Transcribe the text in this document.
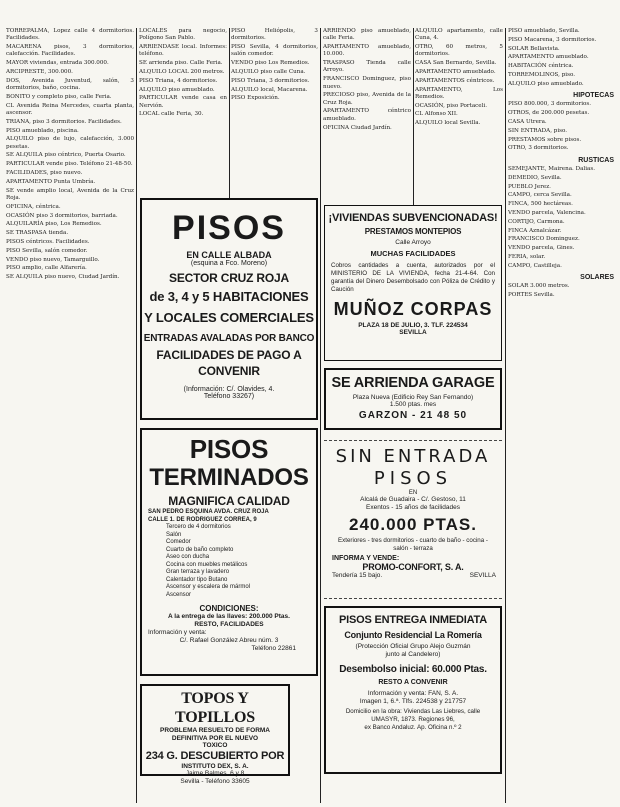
TORREPALMA, Lopez calle 4 dormitorios. Facilidades.

MACARENA pisos, 3 dormitorios, calefacción. Facilidades.

MAYOR viviendas, entrada 300.000.

ARCIPRESTE, 300.000.

DOS, Avenida Juventud, salón, 3 dormitorios, baño, cocina.

BONITO y completo piso, calle Feria.

CL Avenida Reina Mercedes, cuarta planta, ascensor.

TRIANA, piso 3 dormitorios. Facilidades.

PISO amueblado, piscina.

ALQUILO piso de lujo, calefacción, 3.000 pesetas.

SE ALQUILA piso céntrico, Puerta Osario.

PARTICULAR vende piso. Teléfono 21-48-50.

FACILIDADES, piso nuevo.

APARTAMENTO Punta Umbría.

SE vende amplio local, Avenida de la Cruz Roja.

OFICINA, céntrica.

OCASIÓN piso 3 dormitorios, barriada.

ALQUILARÍA piso, Los Remedios.

SE TRASPASA tienda.

PISOS céntricos. Facilidades.

PISO Sevilla, salón comedor.

VENDO piso nuevo, Tamarguillo.

PISO amplio, calle Alfarería.

SE ALQUILA piso nuevo, Ciudad Jardín.

LOCALES para negocio, Polígono San Pablo.

ARRIENDASE local. Informes: teléfono.

SE arrienda piso. Calle Feria.

ALQUILO LOCAL 200 metros.

PISO Triana, 4 dormitorios.

ALQUILO piso amueblado.

PARTICULAR vende casa en Nervión.

LOCAL calle Feria, 30.

PISO Heliópolis, 3 dormitorios.

PISO Sevilla, 4 dormitorios, salón comedor.

VENDO piso Los Remedios.

ALQUILO piso calle Cuna.

PISO Triana, 3 dormitorios.

ALQUILO local, Macarena.

PISO Exposición.

ARRIENDO piso amueblado, calle Feria.

APARTAMENTO amueblado, 10.000.

TRASPASO Tienda calle Arroyo.

FRANCISCO Dominguez, piso nuevo.

PRECIOSO piso, Avenida de la Cruz Roja.

APARTAMENTO céntrico amueblado.

OFICINA Ciudad Jardín.

ALQUILO apartamento, calle Cuna, 4.

OTRO, 60 metros, 5 dormitorios.

CASA San Bernardo, Sevilla.

APARTAMENTO amueblado.

APARTAMENTOS céntricos.

APARTAMENTO, Los Remedios.

OCASIÓN, piso Portaceli.

CL Alfonso XII.

ALQUILO local Sevilla.

PISO amueblado, Sevilla.

PISO Macarena, 3 dormitorios.

SOLAR Bellavista.

APARTAMENTO amueblado.

HABITACIÓN céntrica.

TORREMOLINOS, piso.

ALQUILO piso amueblado.

HIPOTECAS

PISO 800.000, 3 dormitorios.

OTROS, de 200.000 pesetas.

CASA Utrera.

SIN ENTRADA, piso.

PRESTAMOS sobre pisos.

OTRO, 3 dormitorios.

RUSTICAS

SEMEJANTE, Mairena. Dalias.

DEMEDIO, Sevilla.

PUEBLO Jerez.

CAMPO, cerca Sevilla.

FINCA, 500 hectáreas.

VENDO parcela, Valencina.

CORTIJO, Carmona.

FINCA Aznalcázar.

FRANCISCO Dominguez.

VENDO parcela, Gines.

FERIA, solar.

CAMPO, Castilleja.

SOLARES

SOLAR 3.000 metros.

PORTES Sevilla.

PISOS
EN CALLE ALBADA
(esquina a Fco. Moreno)
SECTOR CRUZ ROJA
de 3, 4 y 5 HABITACIONES
Y LOCALES COMERCIALES
ENTRADAS AVALADAS POR BANCO
FACILIDADES DE PAGO A
CONVENIR
(Información: C/. Olavides, 4.
Teléfono 33267)
PISOS
TERMINADOS
MAGNIFICA CALIDAD
SAN PEDRO ESQUINA AVDA. CRUZ ROJA
CALLE 1. DE RODRIGUEZ CORREA, 9
Tercero de 4 dormitorios
Salón
Comedor
Cuarto de baño completo
Aseo con ducha
Cocina con muebles metálicos
Gran terraza y lavadero
Calentador tipo Butano
Ascensor y escalera de mármol
Ascensor
CONDICIONES:
A la entrega de las llaves: 200.000 Ptas.
RESTO, FACILIDADES
Información y venta:
C/. Rafael González Abreu núm. 3
Teléfono 22861
TOPOS Y TOPILLOS
PROBLEMA RESUELTO DE FORMA
DEFINITIVA POR EL NUEVO
TOXICO
234 G. DESCUBIERTO POR
INSTITUTO DEX, S. A.
Jaime Balmes, 6 y 8
Sevilla - Teléfono 33605
¡VIVIENDAS SUBVENCIONADAS!
PRESTAMOS MONTEPIOS
Calle Arroyo
MUCHAS FACILIDADES
Cobros cantidades a cuenta, autorizados por el MINISTERIO DE LA VIVIENDA, fecha 21-4-64. Con garantía del Dinero Desembolsado con Póliza de Crédito y Caución
MUÑOZ CORPAS
PLAZA 18 DE JULIO, 3. TLF. 224534
SEVILLA
SE ARRIENDA GARAGE
Plaza Nueva (Edificio Rey San Fernando)
1.500 ptas. mes
GARZON - 21 48 50
SIN ENTRADA
PISOS
EN
Alcalá de Guadaira - C/. Gestoso, 11
Exentos - 15 años de facilidades
240.000 PTAS.
Exteriores - tres dormitorios - cuarto de baño - cocina - salón - terraza
INFORMA Y VENDE:
PROMO-CONFORT, S. A.
Tendería 15 bajo.	SEVILLA
PISOS ENTREGA INMEDIATA
Conjunto Residencial La Romería
(Protección Oficial Grupo Alejo Guzmán
junto al Candelero)
Desembolso inicial: 60.000 Ptas.
RESTO A CONVENIR
Información y venta: FAN, S. A.
Imagen 1, 6.ª. Tlfs. 224538 y 217757
Domicilio en la obra: Viviendas Las Liebres, calle UMASYR, 1873. Regiones 96,
ex Banco Andaluz. Ap. Oficina n.º 2
